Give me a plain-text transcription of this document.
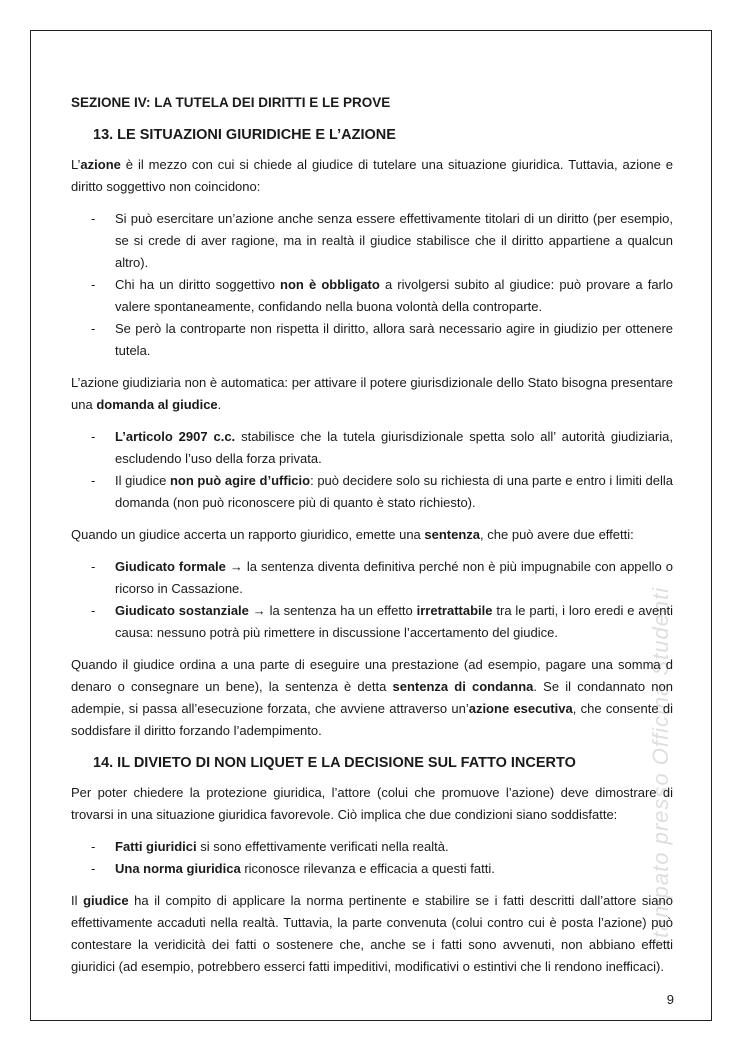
stampato presso Officina Studenti
SEZIONE IV: LA TUTELA DEI DIRITTI E LE PROVE
13. LE SITUAZIONI GIURIDICHE E L’AZIONE

L’azione è il mezzo con cui si chiede al giudice di tutelare una situazione giuridica. Tuttavia, azione e diritto soggettivo non coincidono:

- Si può esercitare un’azione anche senza essere effettivamente titolari di un diritto (per esempio, se si crede di aver ragione, ma in realtà il giudice stabilisce che il diritto appartiene a qualcun altro).
- Chi ha un diritto soggettivo non è obbligato a rivolgersi subito al giudice: può provare a farlo valere spontaneamente, confidando nella buona volontà della controparte.
- Se però la controparte non rispetta il diritto, allora sarà necessario agire in giudizio per ottenere tutela.

L’azione giudiziaria non è automatica: per attivare il potere giurisdizionale dello Stato bisogna presentare una domanda al giudice.

- L’articolo 2907 c.c. stabilisce che la tutela giurisdizionale spetta solo all’ autorità giudiziaria, escludendo l’uso della forza privata.
- Il giudice non può agire d’ufficio: può decidere solo su richiesta di una parte e entro i limiti della domanda (non può riconoscere più di quanto è stato richiesto).

Quando un giudice accerta un rapporto giuridico, emette una sentenza, che può avere due effetti:

- Giudicato formale → la sentenza diventa definitiva perché non è più impugnabile con appello o ricorso in Cassazione.
- Giudicato sostanziale → la sentenza ha un effetto irretrattabile tra le parti, i loro eredi e aventi causa: nessuno potrà più rimettere in discussione l’accertamento del giudice.

Quando il giudice ordina a una parte di eseguire una prestazione (ad esempio, pagare una somma d denaro o consegnare un bene), la sentenza è detta sentenza di condanna. Se il condannato non adempie, si passa all’esecuzione forzata, che avviene attraverso un’azione esecutiva, che consente di soddisfare il diritto forzando l’adempimento.

14. IL DIVIETO DI NON LIQUET E LA DECISIONE SUL FATTO INCERTO

Per poter chiedere la protezione giuridica, l’attore (colui che promuove l’azione) deve dimostrare di trovarsi in una situazione giuridica favorevole. Ciò implica che due condizioni siano soddisfatte:

- Fatti giuridici si sono effettivamente verificati nella realtà.
- Una norma giuridica riconosce rilevanza e efficacia a questi fatti.

Il giudice ha il compito di applicare la norma pertinente e stabilire se i fatti descritti dall’attore siano effettivamente accaduti nella realtà. Tuttavia, la parte convenuta (colui contro cui è posta l’azione) può contestare la veridicità dei fatti o sostenere che, anche se i fatti sono avvenuti, non abbiano effetti giuridici (ad esempio, potrebbero esserci fatti impeditivi, modificativi o estintivi che li rendono inefficaci).

9
